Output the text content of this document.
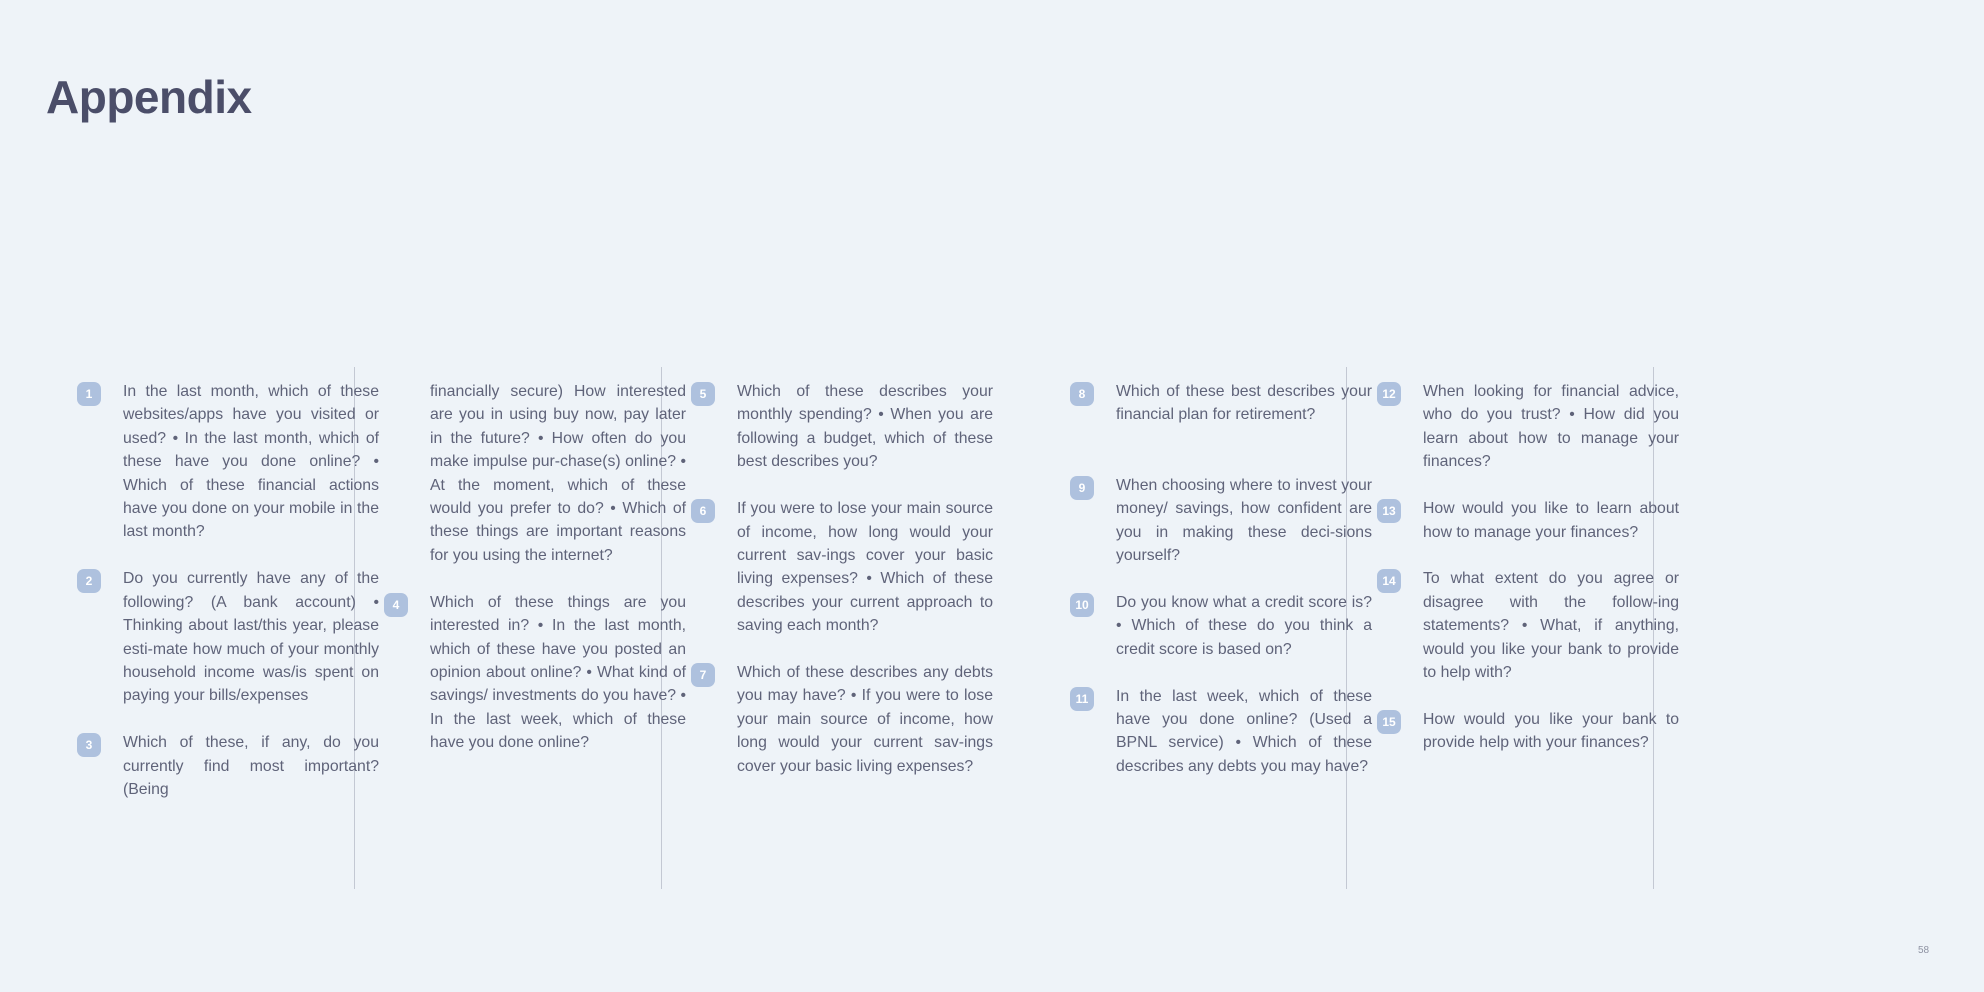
Appendix
1	In the last month, which of these websites/apps have you visited or used? • In the last month, which of these have you done online? • Which of these financial actions have you done on your mobile in the last month?

2	Do you currently have any of the following? (A bank account) • Thinking about last/this year, please esti-mate how much of your monthly household income was/is spent on paying your bills/expenses

3	Which of these, if any, do you currently find most important? (Being

financially secure) How interested are you in using buy now, pay later in the future? • How often do you make impulse pur-chase(s) online? • At the moment, which of these would you prefer to do? • Which of these things are important reasons for you using the internet?

4	Which of these things are you interested in? • In the last month, which of these have you posted an opinion about online? • What kind of savings/ investments do you have? • In the last week, which of these have you done online?

5	Which of these describes your monthly spending? • When you are following a budget, which of these best describes you?

6	If you were to lose your main source of income, how long would your current sav-ings cover your basic living expenses? • Which of these describes your current approach to saving each month?

7	Which of these describes any debts you may have? • If you were to lose your main source of income, how long would your current sav-ings cover your basic living expenses?

8	Which of these best describes your financial plan for retirement?

9	When choosing where to invest your money/ savings, how confident are you in making these deci-sions yourself?

10	Do you know what a credit score is? • Which of these do you think a credit score is based on?

11	In the last week, which of these have you done online? (Used a BPNL service) • Which of these describes any debts you may have?

12	When looking for financial advice, who do you trust? • How did you learn about how to manage your finances?

13	How would you like to learn about how to manage your finances?

14	To what extent do you agree or disagree with the follow-ing statements? • What, if anything, would you like your bank to provide to help with?

15	How would you like your bank to provide help with your finances?

58
